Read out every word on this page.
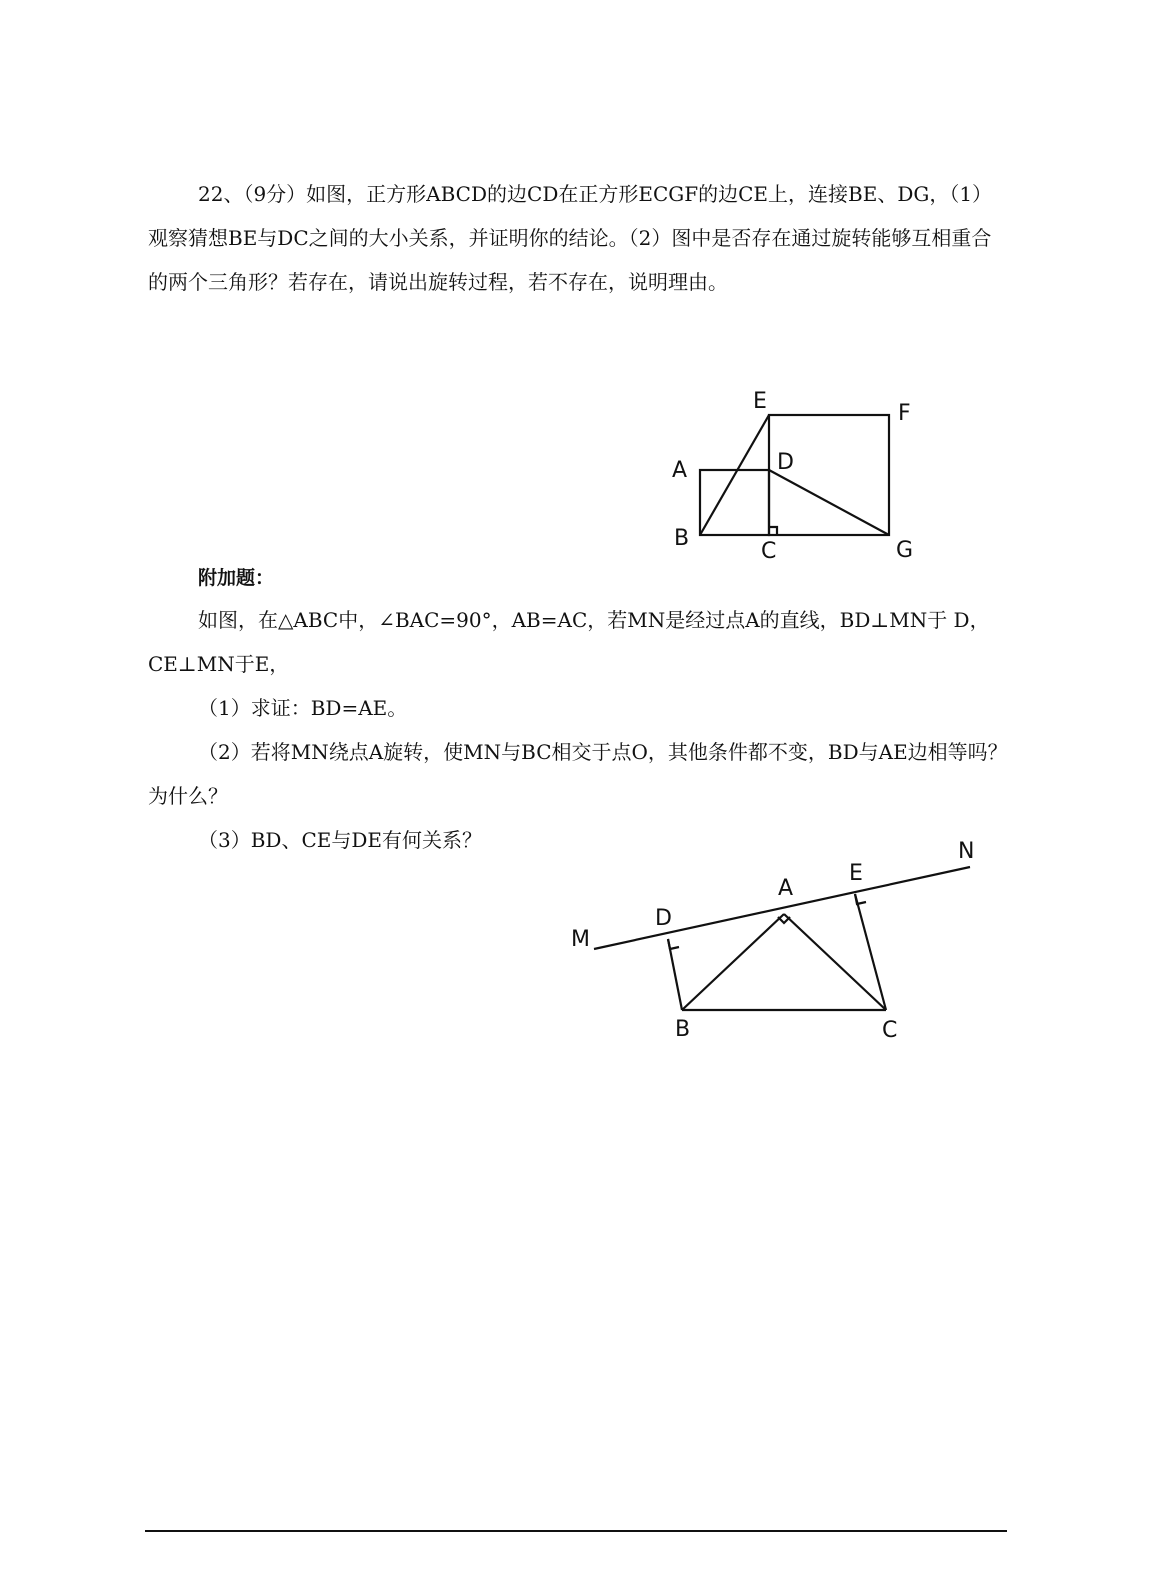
22、（9分）如图，正方形ABCD的边CD在正方形ECGF的边CE上，连接BE、DG，（1）观察猜想BE与DC之间的大小关系，并证明你的结论。（2）图中是否存在通过旋转能够互相重合的两个三角形？若存在，请说出旋转过程，若不存在，说明理由。

E	F
A	D
B
C	G
M
N
D
A
E
B	C
附加题：

如图，在△ABC中，∠BAC=90°，AB=AC，若MN是经过点A的直线，BD⊥MN于 D，CE⊥MN于E，

（1）求证：BD=AE。

（2）若将MN绕点A旋转，使MN与BC相交于点O，其他条件都不变，BD与AE边相等吗？为什么？

（3）BD、CE与DE有何关系？
